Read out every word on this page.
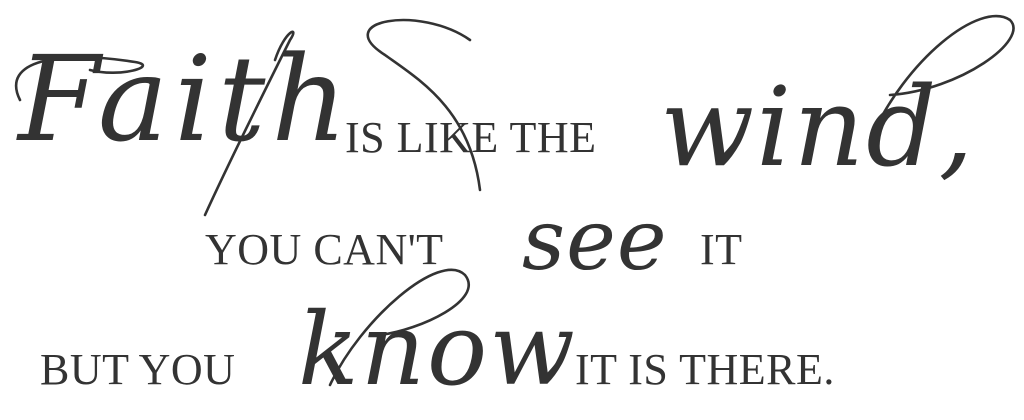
Faith
IS LIKE THE wind,
YOU CAN'T see IT
BUT YOU know
IT IS THERE.
